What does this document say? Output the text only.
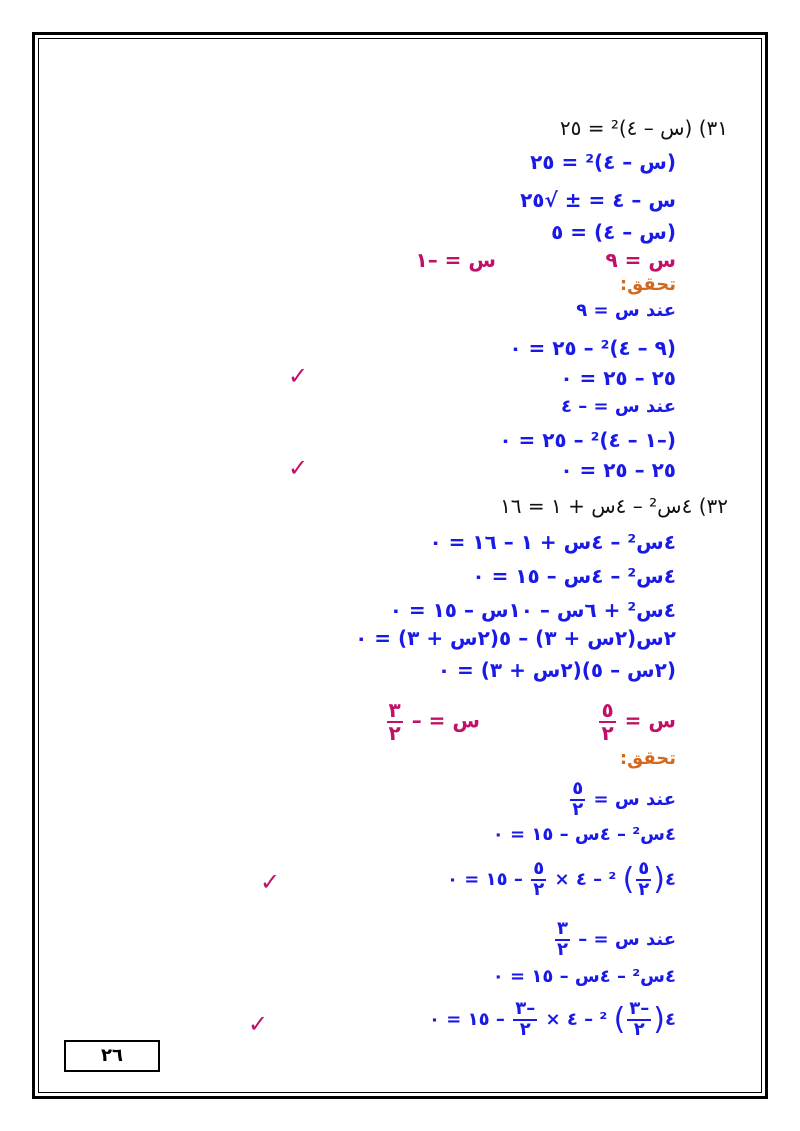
٣١) (س – ٤)² = ٢٥
(س – ٤)² = ٢٥
س – ٤ = ± √٢٥
(س – ٤) = ٥
س = ٩
س = –١
تحقق:
عند س = ٩
(٩ – ٤)² – ٢٥ = ٠
٢٥ – ٢٥ = ٠
✓
عند س = – ٤
(–١ – ٤)² – ٢٥ = ٠
٢٥ – ٢٥ = ٠
✓
٣٢) ٤س² – ٤س + ١ = ١٦
٤س² – ٤س + ١ – ١٦ = ٠
٤س² – ٤س – ١٥ = ٠
٤س² + ٦س – ١٠س – ١٥ = ٠
٢س(٢س + ٣) – ٥(٢س + ٣) = ٠
(٢س – ٥)(٢س + ٣) = ٠
س =
$\frac{٥}{٢}$
س = –
$\frac{٣}{٢}$
تحقق:
عند س =
$\frac{٥}{٢}$
٤س² – ٤س – ١٥ = ٠
٤(
$\frac{٥}{٢}$
) ² – ٤ ×
$\frac{٥}{٢}$
– ١٥ = ٠
✓
عند س = –
$\frac{٣}{٢}$
٤س² – ٤س – ١٥ = ٠
٤(
$\frac{-٣}{٢}$
) ² – ٤ ×
$\frac{-٣}{٢}$
– ١٥ = ٠
✓
٢٦
